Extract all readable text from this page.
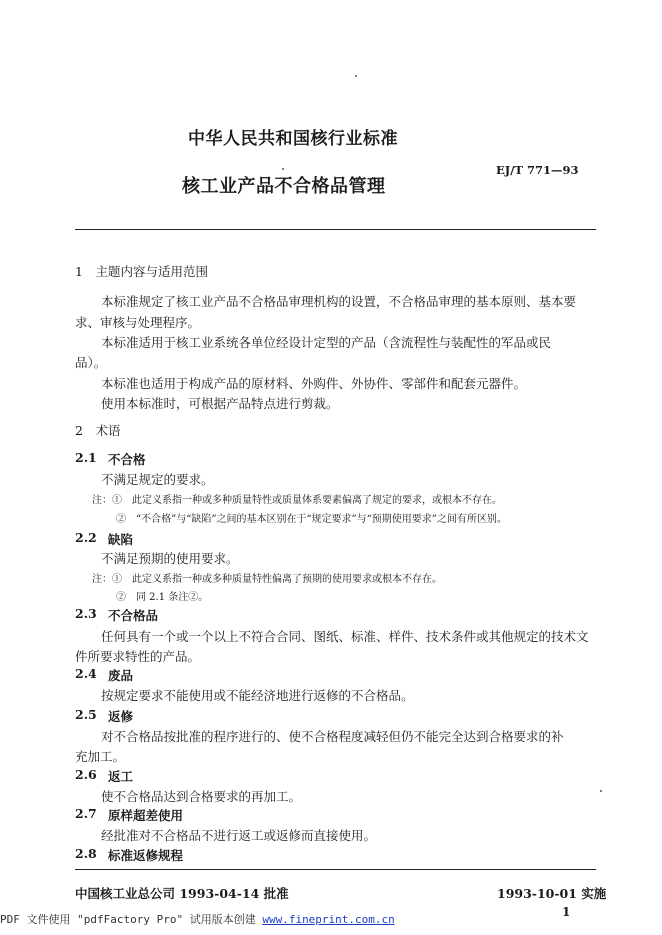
中华人民共和国核行业标准
EJ/T 771—93
核工业产品不合格品管理
1　主题内容与适用范围
本标准规定了核工业产品不合格品审理机构的设置，不合格品审理的基本原则、基本要
求、审核与处理程序。
本标准适用于核工业系统各单位经设计定型的产品（含流程性与装配性的军品或民
品）。
本标准也适用于构成产品的原材料、外购件、外协件、零部件和配套元器件。
使用本标准时，可根据产品特点进行剪裁。
2　术语
2.1 不合格
不满足规定的要求。
注：①　此定义系指一种或多种质量特性或质量体系要素偏离了规定的要求，或根本不存在。
②　“不合格”与“缺陷”之间的基本区别在于“规定要求”与“预期使用要求”之间有所区别。
2.2 缺陷
不满足预期的使用要求。
注：①　此定义系指一种或多种质量特性偏离了预期的使用要求或根本不存在。
②　同 2.1 条注②。
2.3 不合格品
任何具有一个或一个以上不符合合同、图纸、标准、样件、技术条件或其他规定的技术文
件所要求特性的产品。
2.4 废品
按规定要求不能使用或不能经济地进行返修的不合格品。
2.5 返修
对不合格品按批准的程序进行的、使不合格程度减轻但仍不能完全达到合格要求的补
充加工。
2.6 返工
使不合格品达到合格要求的再加工。
2.7 原样超差使用
经批准对不合格品不进行返工或返修而直接使用。
2.8 标准返修规程
中国核工业总公司 1993-04-14 批准	1993-10-01 实施
1
PDF 文件使用 "pdfFactory Pro" 试用版本创建 www.fineprint.com.cn
